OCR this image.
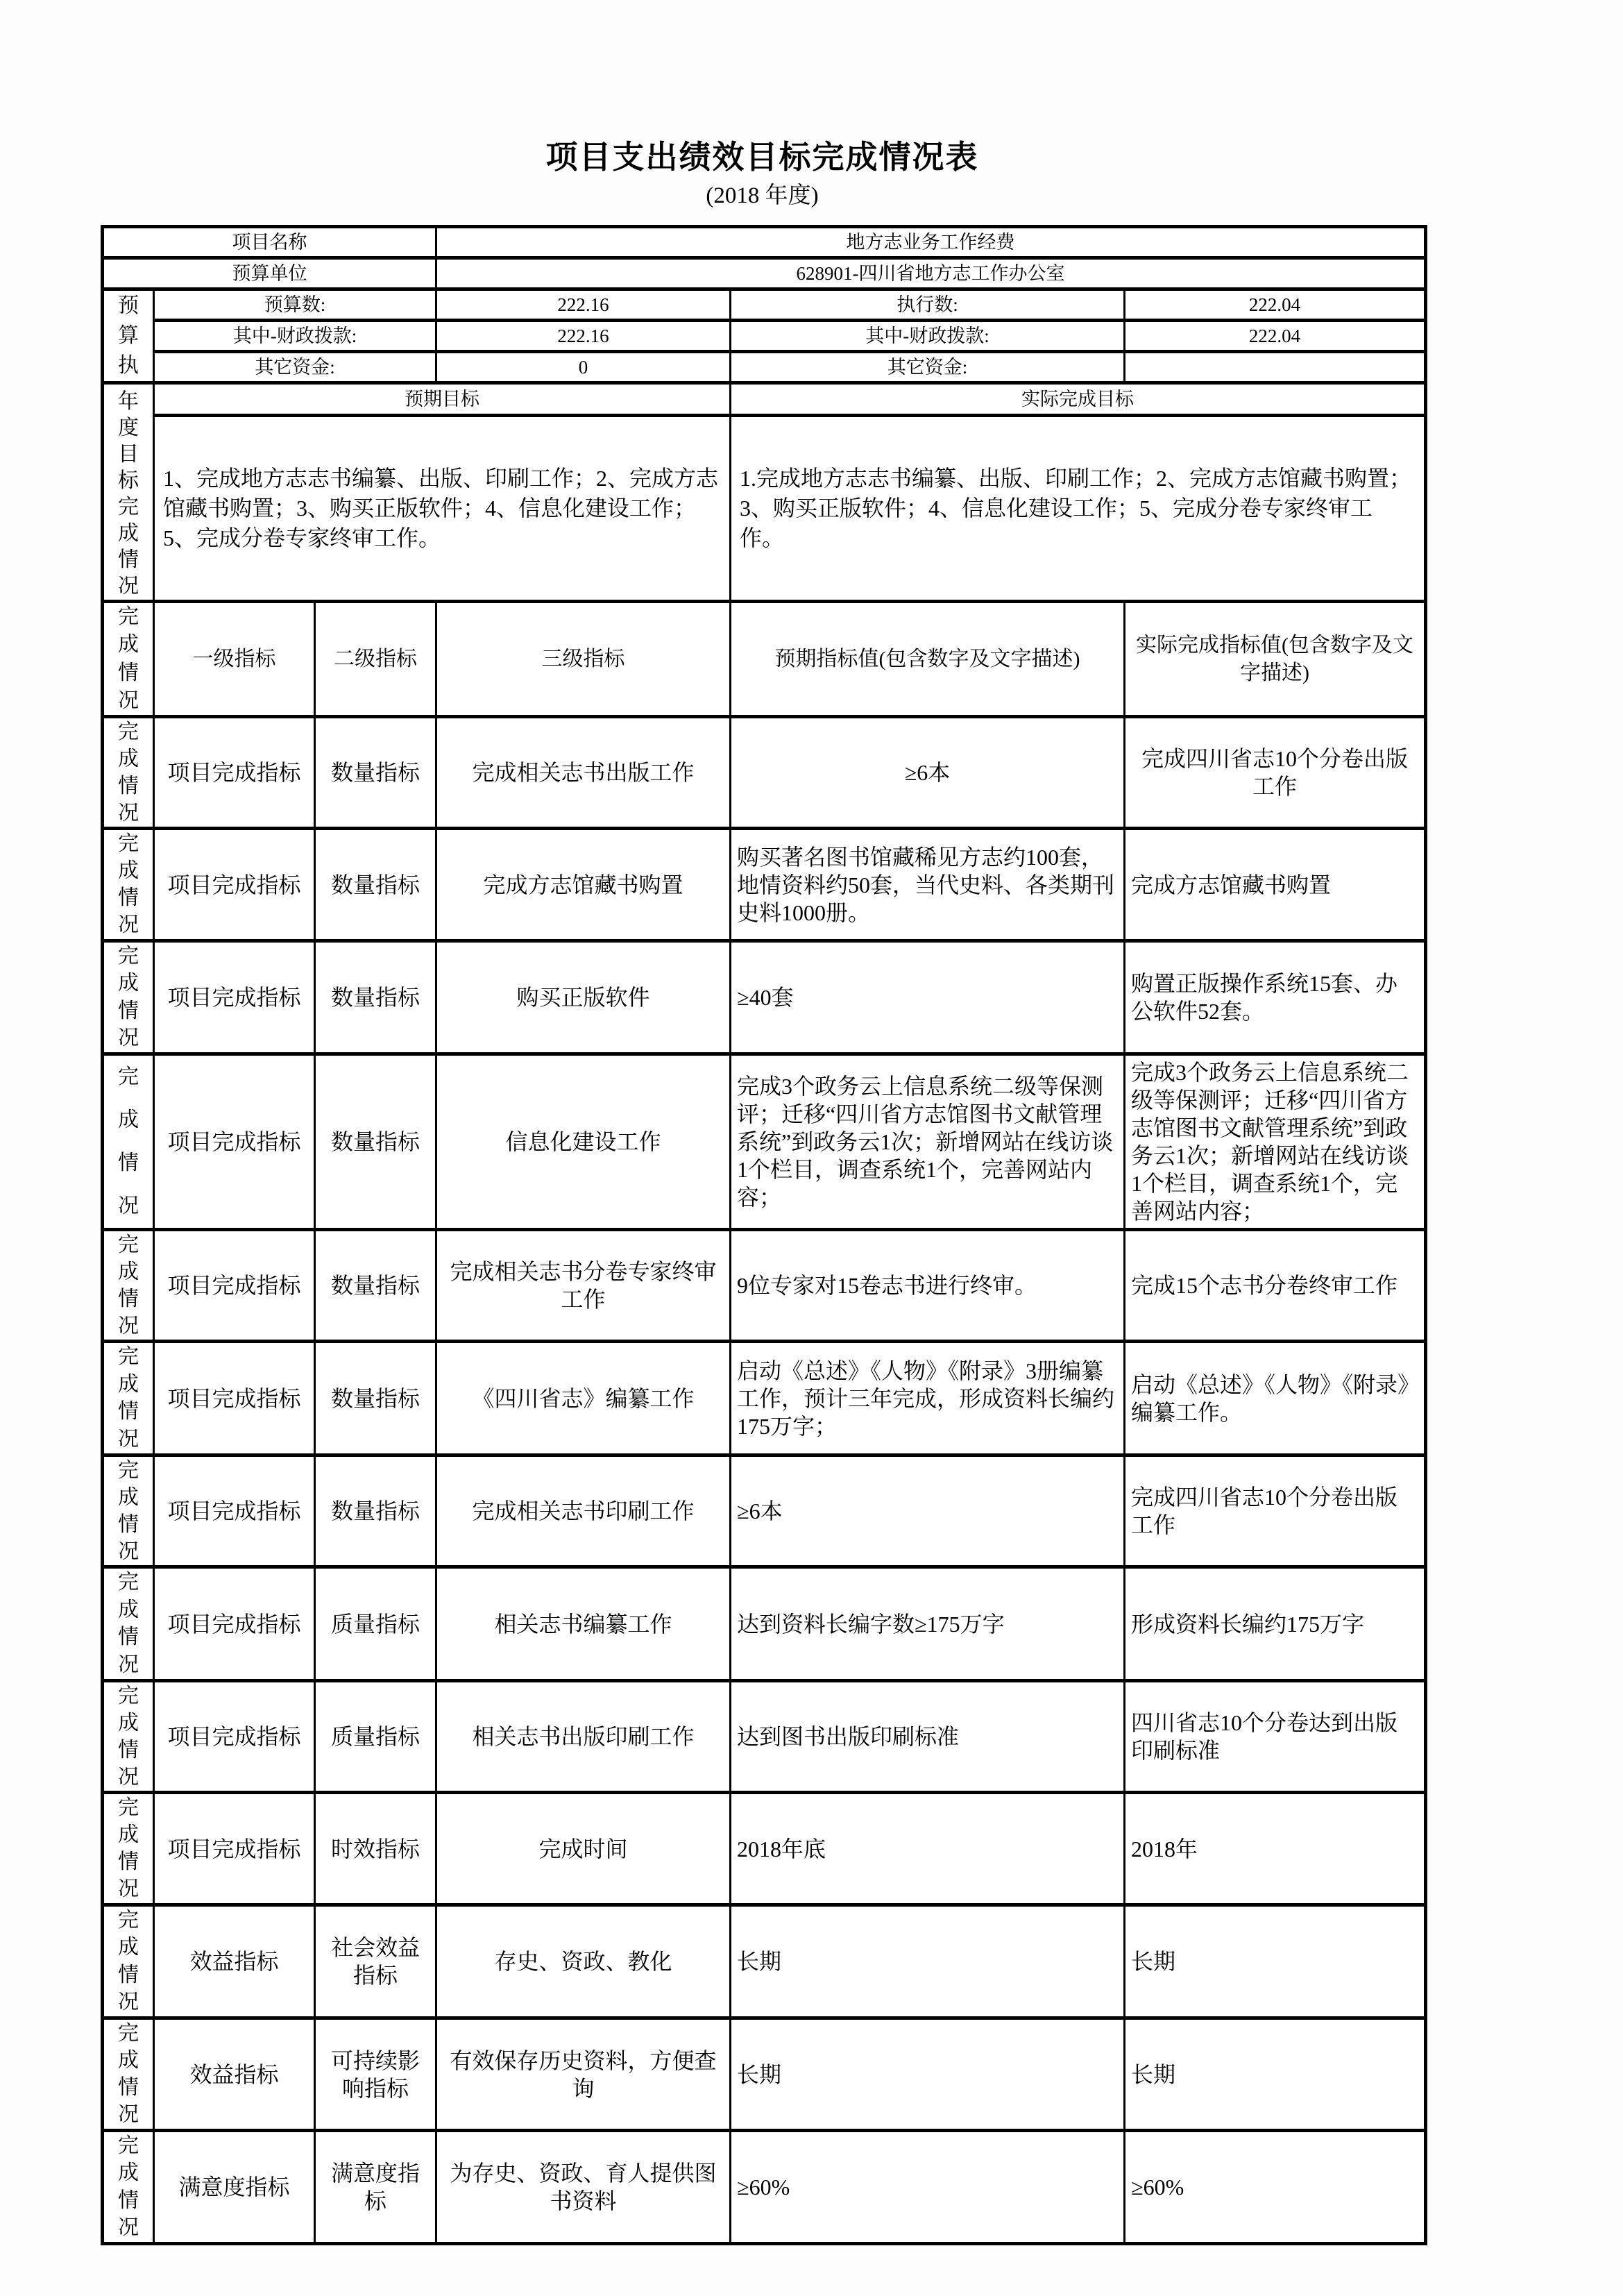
项目支出绩效目标完成情况表
(2018 年度)
项目名称			地方志业务工作经费		
预算单位			628901-四川省地方志工作办公室		

预
算
执	预算数:		222.16	执行数:	222.04
	其中-财政拨款:		222.16	其中-财政拨款:	222.04
	其它资金:		0	其它资金:	

年
度
目
标
完
成
情
况
	预期目标	实际完成目标
	1、完成地方志志书编纂、出版、印刷工作；2、完成方志馆藏书购置；3、购买正版软件；4、信息化建设工作；5、完成分卷专家终审工作。			1.完成地方志志书编纂、出版、印刷工作；2、完成方志馆藏书购置；3、购买正版软件；4、信息化建设工作；5、完成分卷专家终审工作。	

完
成
情
况	一级指标	二级指标	三级指标	预期指标值(包含数字及文字描述)	实际完成指标值(包含数字及文字描述)

完
成
情
况	项目完成指标	数量指标	完成相关志书出版工作	≥6本	完成四川省志10个分卷出版工作

完
成
情
况	项目完成指标	数量指标	完成方志馆藏书购置	购买著名图书馆藏稀见方志约100套，地情资料约50套，当代史料、各类期刊史料1000册。	完成方志馆藏书购置

完
成
情
况	项目完成指标	数量指标	购买正版软件	≥40套	购置正版操作系统15套、办公软件52套。

完
成
情
况	项目完成指标	数量指标	信息化建设工作	完成3个政务云上信息系统二级等保测评；迁移“四川省方志馆图书文献管理系统”到政务云1次；新增网站在线访谈1个栏目，调查系统1个，完善网站内容；	完成3个政务云上信息系统二级等保测评；迁移“四川省方志馆图书文献管理系统”到政务云1次；新增网站在线访谈1个栏目，调查系统1个，完善网站内容；

完
成
情
况	项目完成指标	数量指标	完成相关志书分卷专家终审工作	9位专家对15卷志书进行终审。	完成15个志书分卷终审工作

完
成
情
况	项目完成指标	数量指标	《四川省志》编纂工作	启动《总述》《人物》《附录》3册编纂工作，预计三年完成，形成资料长编约175万字；	启动《总述》《人物》《附录》编纂工作。

完
成
情
况	项目完成指标	数量指标	完成相关志书印刷工作	≥6本	完成四川省志10个分卷出版工作

完
成
情
况	项目完成指标	质量指标	相关志书编纂工作	达到资料长编字数≥175万字	形成资料长编约175万字

完
成
情
况	项目完成指标	质量指标	相关志书出版印刷工作	达到图书出版印刷标准	四川省志10个分卷达到出版印刷标准

完
成
情
况	项目完成指标	时效指标	完成时间	2018年底	2018年

完
成
情
况	效益指标	社会效益指标	存史、资政、教化	长期	长期

完
成
情
况	效益指标	可持续影响指标	有效保存历史资料，方便查询	长期	长期

完
成
情
况	满意度指标	满意度指标	为存史、资政、育人提供图书资料	≥60%	≥60%
